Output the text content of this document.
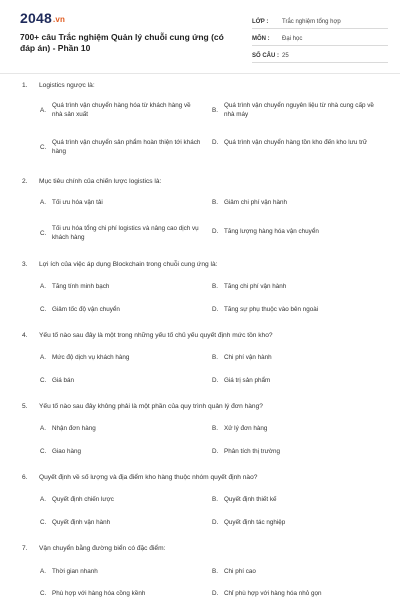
2048.vn
700+ câu Trắc nghiệm Quản lý chuỗi cung ứng (có đáp án) - Phần 10
LỚP :	Trắc nghiệm tổng hợp
MÔN :	Đại học
SỐ CÂU : 25
1. Logistics ngược là:
A.
Quá trình vận chuyển hàng hóa từ khách hàng về nhà sản xuất
B.
Quá trình vận chuyển nguyên liệu từ nhà cung cấp về nhà máy
C.
Quá trình vận chuyển sản phẩm hoàn thiện tới khách hàng
D. Quá trình vận chuyển hàng tồn kho đến kho lưu trữ
2. Mục tiêu chính của chiến lược logistics là:
A. Tối ưu hóa vận tải	B. Giảm chi phí vận hành
C.
Tối ưu hóa tổng chi phí logistics và nâng cao dịch vụ khách hàng
D. Tăng lượng hàng hóa vận chuyển
3. Lợi ích của việc áp dụng Blockchain trong chuỗi cung ứng là:
A. Tăng tính minh bạch	B. Tăng chi phí vận hành
C. Giảm tốc độ vận chuyển	D. Tăng sự phụ thuộc vào bên ngoài
4. Yếu tố nào sau đây là một trong những yếu tố chủ yếu quyết định mức tồn kho?
A. Mức độ dịch vụ khách hàng	B. Chi phí vận hành
C. Giá bán	D. Giá trị sản phẩm
5. Yếu tố nào sau đây không phải là một phần của quy trình quản lý đơn hàng?
A. Nhận đơn hàng	B. Xử lý đơn hàng
C. Giao hàng	D. Phân tích thị trường
6. Quyết định về số lượng và địa điểm kho hàng thuộc nhóm quyết định nào?
A. Quyết định chiến lược	B. Quyết định thiết kế
C. Quyết định vận hành	D. Quyết định tác nghiệp
7. Vận chuyển bằng đường biển có đặc điểm:
A. Thời gian nhanh	B. Chi phí cao
C. Phù hợp với hàng hóa cồng kềnh	D. Chỉ phù hợp với hàng hóa nhỏ gọn
